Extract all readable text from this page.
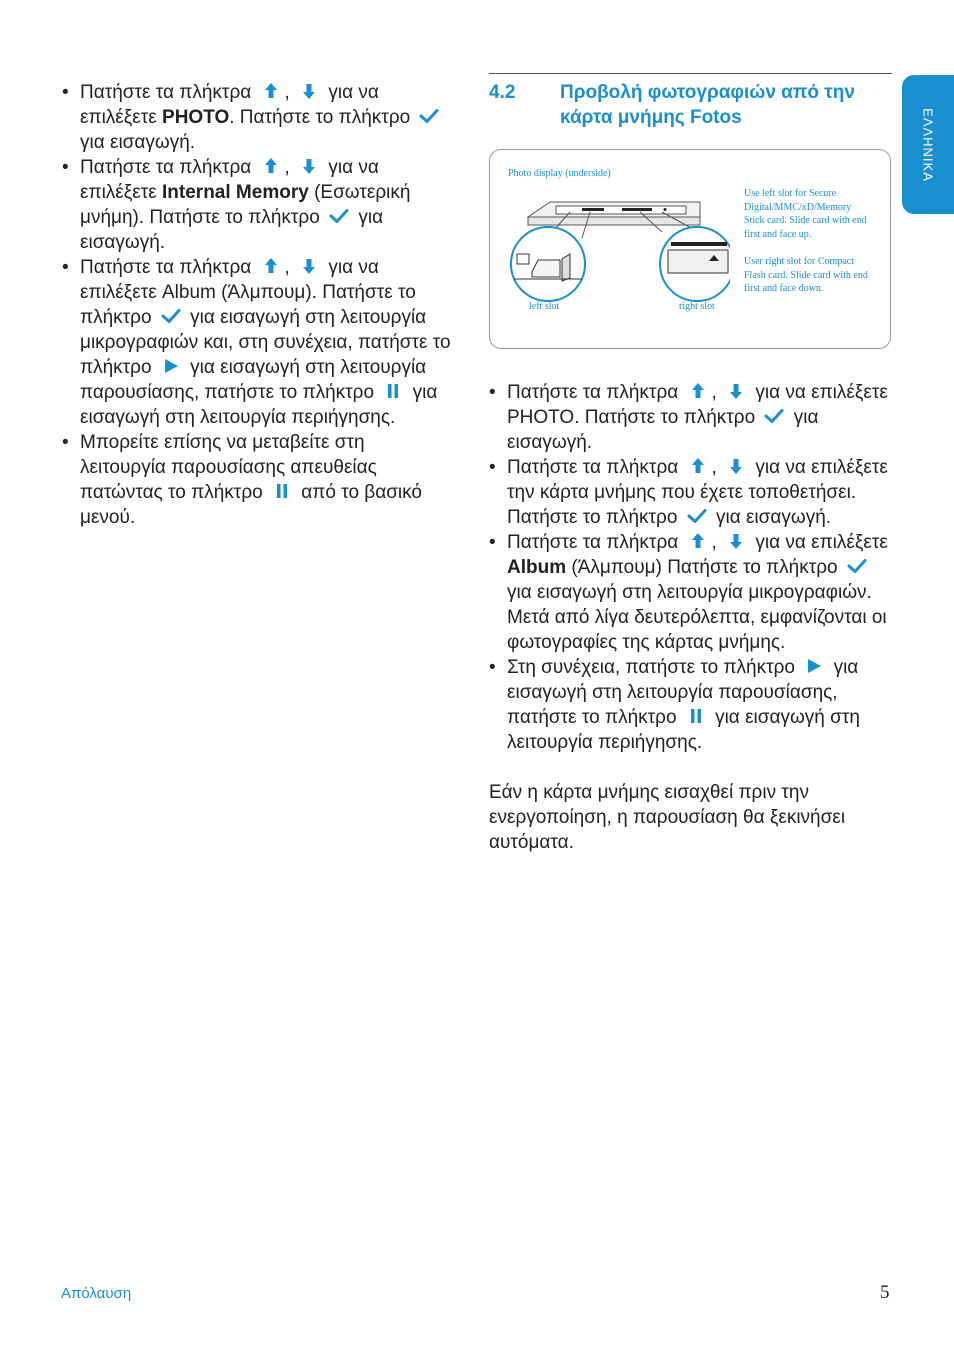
• Πατήστε τα πλήκτρα , για να επιλέξετε PHOTO. Πατήστε το πλήκτρο
για εισαγωγή.
• Πατήστε τα πλήκτρα , για να επιλέξετε Internal Memory (Εσωτερική μνήμη). Πατήστε το πλήκτρο για εισαγωγή.
• Πατήστε τα πλήκτρα , για να επιλέξετε Album (Άλμπουμ). Πατήστε το πλήκτρο για εισαγωγή στη λειτουργία μικρογραφιών και, στη συνέχεια, πατήστε το πλήκτρο για εισαγωγή στη λειτουργία παρουσίασης, πατήστε το πλήκτρο για εισαγωγή στη λειτουργία περιήγησης.
• Μπορείτε επίσης να μεταβείτε στη λειτουργία παρουσίασης απευθείας πατώντας το πλήκτρο από το βασικό μενού.
4.2 Προβολή φωτογραφιών από την κάρτα μνήμης Fotos
Photo display (underside)
left slot	right slot
Use left slot for Secure Digital/MMC/xD/Memory Stick card. Slide card with end first and face up.
User right slot for Compact Flash card. Slide card with end first and face down.
• Πατήστε τα πλήκτρα , για να επιλέξετε PHOTO. Πατήστε το πλήκτρο για εισαγωγή.
• Πατήστε τα πλήκτρα , για να επιλέξετε την κάρτα μνήμης που έχετε τοποθετήσει. Πατήστε το πλήκτρο για εισαγωγή.
• Πατήστε τα πλήκτρα , για να επιλέξετε Album (Άλμπουμ) Πατήστε το πλήκτρο
για εισαγωγή στη λειτουργία μικρογραφιών. Μετά από λίγα δευτερόλεπτα, εμφανίζονται οι φωτογραφίες της κάρτας μνήμης.
• Στη συνέχεια, πατήστε το πλήκτρο για εισαγωγή στη λειτουργία παρουσίασης, πατήστε το πλήκτρο για εισαγωγή στη λειτουργία περιήγησης.

Εάν η κάρτα μνήμης εισαχθεί πριν την ενεργοποίηση, η παρουσίαση θα ξεκινήσει αυτόματα.

ΕΛΛΗΝΙΚΑ
Απόλαυση	5
